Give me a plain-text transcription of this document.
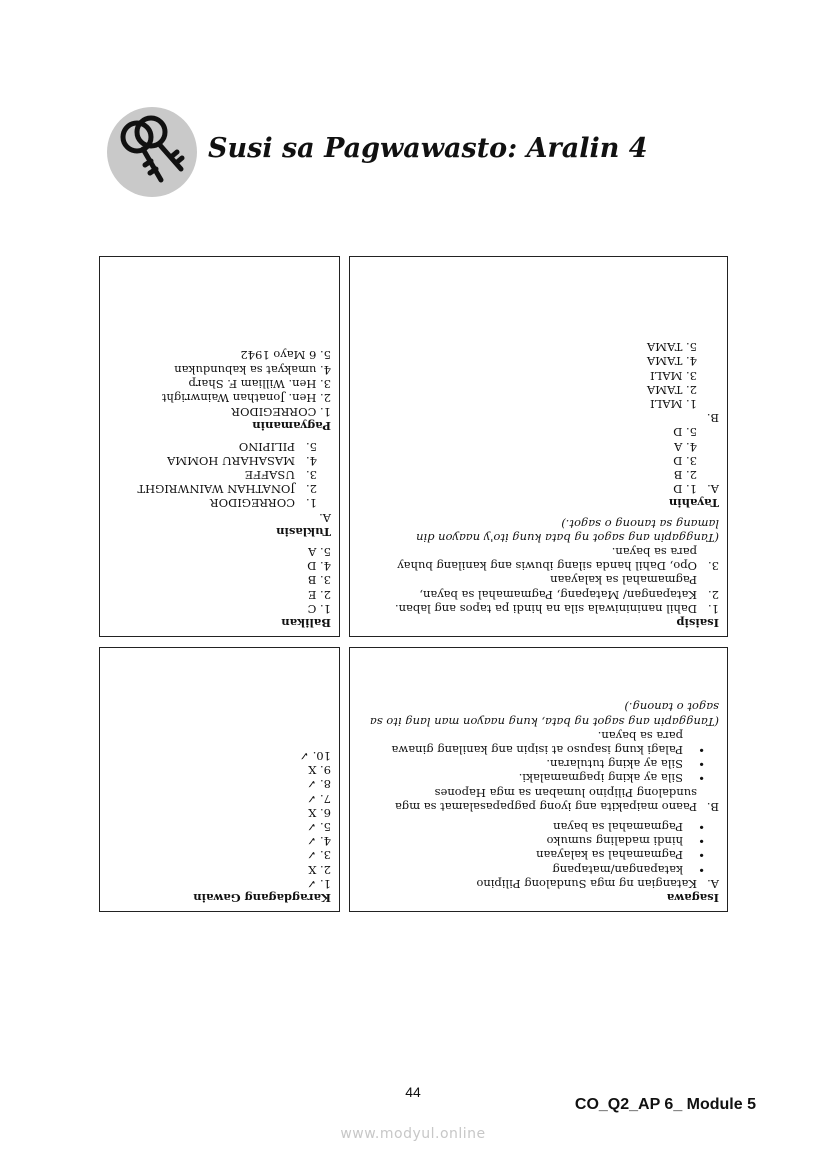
Susi sa Pagwawasto: Aralin 4
Balikan
1. C
2. E
3. B
4. D
5. A
Tuklasin
A.
1.
CORREGIDOR
2.
JONATHAN WAINWRIGHT
3.
USAFFE
4.
MASAHARU HOMMA
5.
PILIPINO
Pagyamanin
1. CORREGIDOR
2. Hen. Jonathan Wainwright
3. Hen. William F. Sharp
4. umakyat sa kabundukan
5. 6 Mayo 1942
Isaisip
1.
Dahil nanininiwala sila na hindi pa tapos ang laban.
2.
Katapangan/ Matapang, Pagmamahal sa bayan,
Pagmamahal sa kalayaan
3.
Opo, Dahil handa silang ibuwis ang kanilang buhay
para sa bayan.
(Tanggapin ang sagot ng bata kung ito'y naayon din
lamang sa tanong o sagot.)
Tayahin
A.
1. D
2. B
3. D
4. A
5. D
B.
1. MALI
2. TAMA
3. MALI
4. TAMA
5. TAMA
Karagdagang Gawain
1. ✓
2. X
3. ✓
4. ✓
5. ✓
6. X
7. ✓
8. ✓
9. X
10. ✓
Isagawa
A.
Katangian ng mga Sundalong Pilipino
•
katapangan/matapang
•
Pagmamahal sa kalayaan
•
hindi madaling sumuko
•
Pagmamahal sa bayan
B.
Paano maipakita ang iyong pagpapasalamat sa mga
sundalong Pilipino lumaban sa mga Hapones
•
Sila ay aking ipagmamalaki.
•
Sila ay aking tutularan.
•
Palagi kung isapuso at isipin ang kanilang ginawa
para sa bayan.
(Tanggapin ang sagot ng bata, kung naayon man lang ito sa
sagot o tanong.)
44
CO_Q2_AP 6_ Module 5
www.modyul.online
